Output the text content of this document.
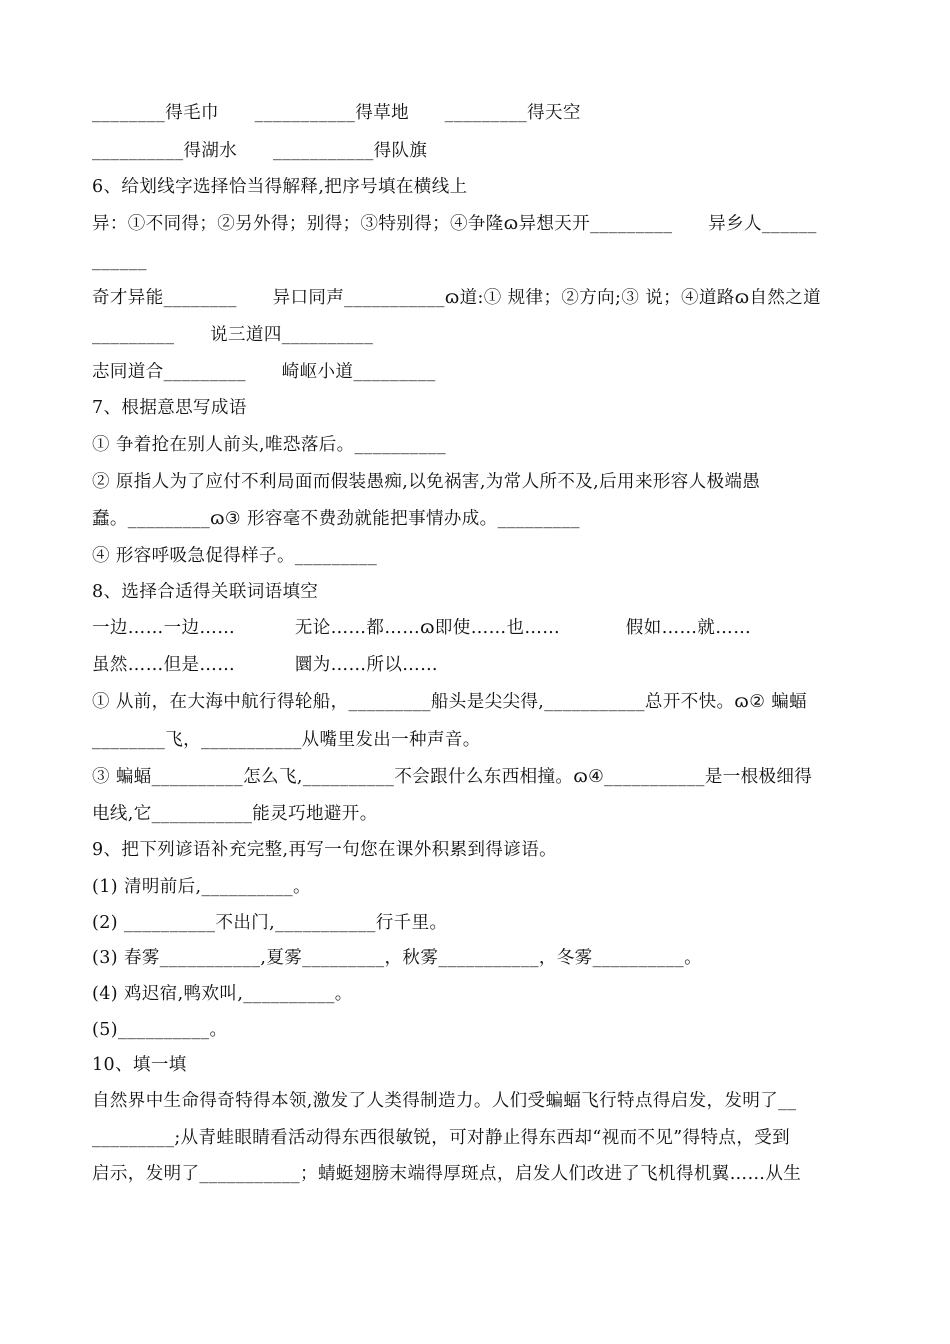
________得毛巾      ___________得草地      _________得天空
__________得湖水      ___________得队旗
6、给划线字选择恰当得解释,把序号填在横线上
异：①不同得；②另外得；别得；③特别得；④争隆ɷ异想天开_________      异乡人______
______
奇才异能________      异口同声___________ɷ道:① 规律；②方向;③ 说；④道路ɷ自然之道
_________      说三道四__________
志同道合_________      崎岖小道_________
7、根据意思写成语
① 争着抢在别人前头,唯恐落后。__________
② 原指人为了应付不利局面而假装愚痴,以免祸害,为常人所不及,后用来形容人极端愚
蠢。_________ɷ③ 形容毫不费劲就能把事情办成。_________
④ 形容呼吸急促得样子。_________
8、选择合适得关联词语填空
一边……一边……          无论……都……ɷ即使……也……           假如……就……
虽然……但是……          圜为……所以……
① 从前，在大海中航行得轮船，_________船头是尖尖得,___________总开不快。ɷ② 蝙蝠
________飞，___________从嘴里发出一种声音。
③ 蝙蝠__________怎么飞,__________不会跟什么东西相撞。ɷ④___________是一根极细得
电线,它___________能灵巧地避开。
9、把下列谚语补充完整,再写一句您在课外积累到得谚语。
(1) 清明前后,__________。
(2) __________不出门,___________行千里。
(3) 春雾___________,夏雾_________，秋雾___________，冬雾__________。
(4) 鸡迟宿,鸭欢叫,__________。
(5)__________。
10、填一填
自然界中生命得奇特得本领,激发了人类得制造力。人们受蝙蝠飞行特点得启发，发明了__
_________;从青蛙眼睛看活动得东西很敏锐，可对静止得东西却“视而不见”得特点，受到
启示，发明了___________；蜻蜓翅膀末端得厚斑点，启发人们改进了飞机得机翼……从生
